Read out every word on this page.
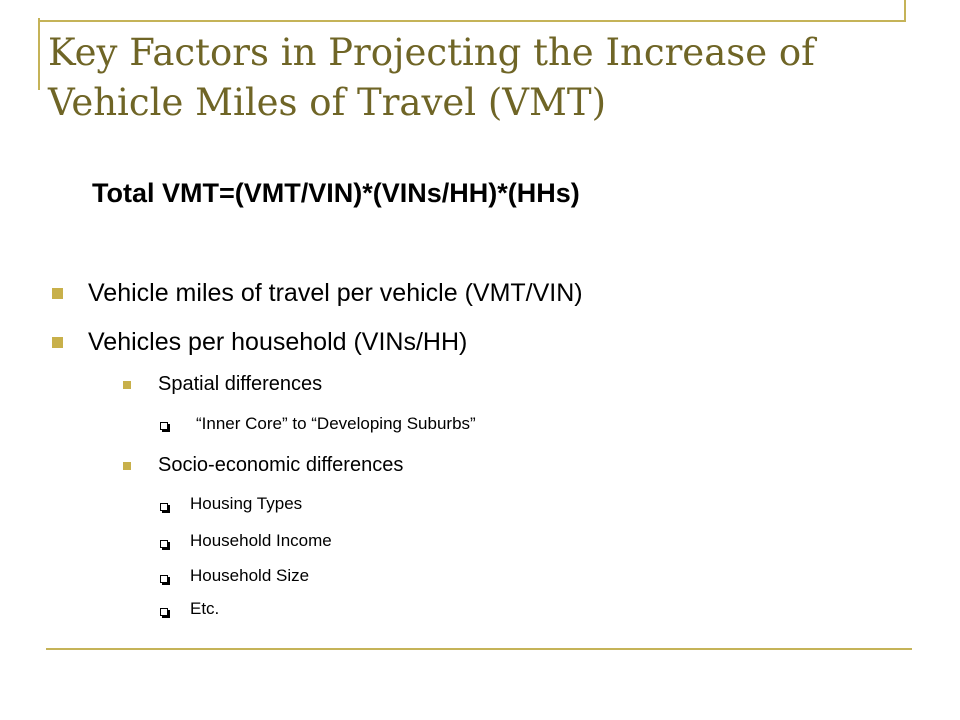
Key Factors in Projecting the Increase of Vehicle Miles of Travel (VMT)
Total VMT=(VMT/VIN)*(VINs/HH)*(HHs)
Vehicle miles of travel per vehicle (VMT/VIN)
Vehicles per household (VINs/HH)
Spatial differences
“Inner Core” to “Developing Suburbs”
Socio-economic differences
Housing Types
Household Income
Household Size
Etc.
